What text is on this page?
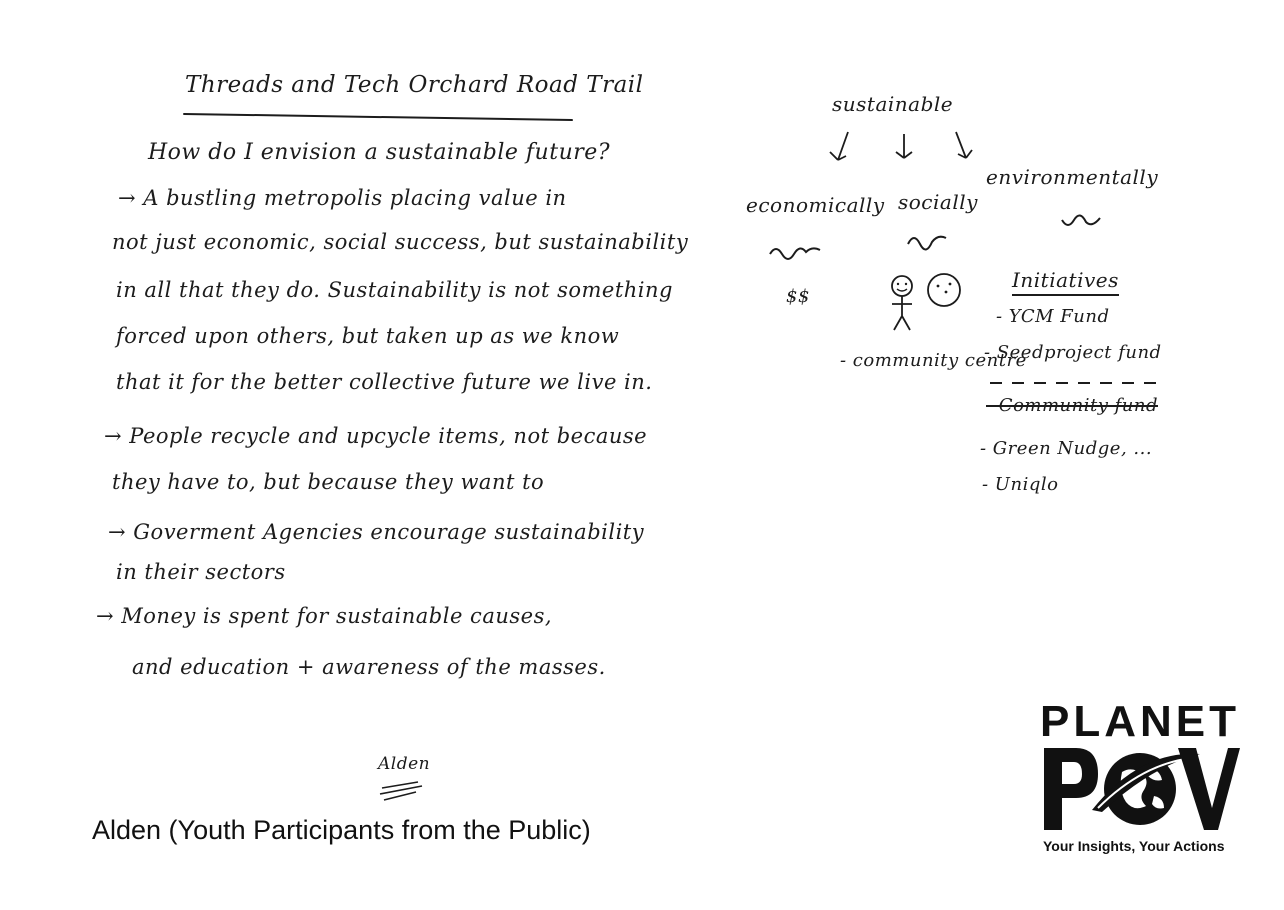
Threads and Tech Orchard Road Trail
How do I envision a sustainable future?
→ A bustling metropolis placing value in
not just economic, social success, but sustainability
in all that they do. Sustainability is not something
forced upon others, but taken up as we know
that it for the better collective future we live in.
→ People recycle and upcycle items, not because
they have to, but because they want to
→ Goverment Agencies encourage sustainability
in their sectors
→ Money is spent for sustainable causes,
and education + awareness of the masses.
Alden
Alden (Youth Participants from the Public)
sustainable
economically socially
environmentally
$$
- community centre
Initiatives
- YCM Fund
- Seedproject fund
- Community fund
- Green Nudge, ...
- Uniqlo
PLANET
Your Insights, Your Actions
